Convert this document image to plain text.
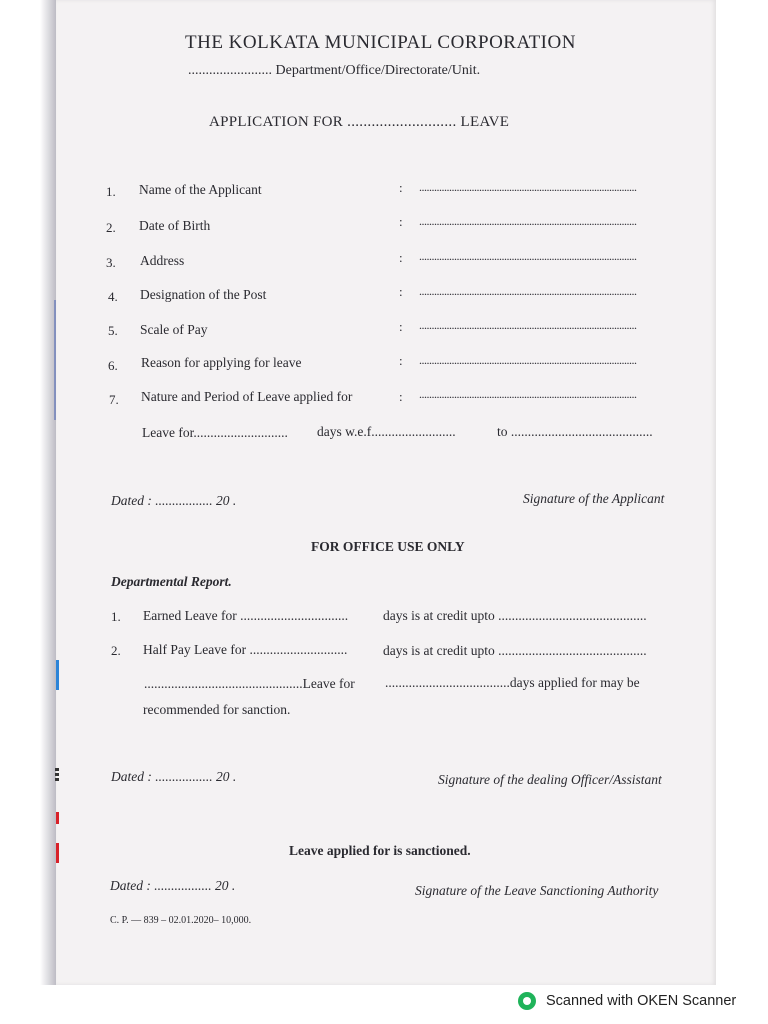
THE KOLKATA MUNICIPAL CORPORATION
........................ Department/Office/Directorate/Unit.
APPLICATION FOR ........................... LEAVE
1. Name of the Applicant	: .......................................................................................
2. Date of Birth	: .......................................................................................
3. Address	: .......................................................................................
4. Designation of the Post	: .......................................................................................
5. Scale of Pay	: .......................................................................................
6. Reason for applying for leave	: .......................................................................................
7. Nature and Period of Leave applied for	: .......................................................................................
Leave for............................ days w.e.f.........................	to ..........................................
Dated : ................. 20 .	Signature of the Applicant
FOR OFFICE USE ONLY
Departmental Report.
1. Earned Leave for ................................	days is at credit upto ............................................
2. Half Pay Leave for .............................	days is at credit upto ............................................
...............................................Leave for .....................................days applied for may be
recommended for sanction.
Dated : ................. 20 .	Signature of the dealing Officer/Assistant
Leave applied for is sanctioned.
Dated : ................. 20 .	Signature of the Leave Sanctioning Authority
C. P. — 839 – 02.01.2020– 10,000.
Scanned with OKEN Scanner
